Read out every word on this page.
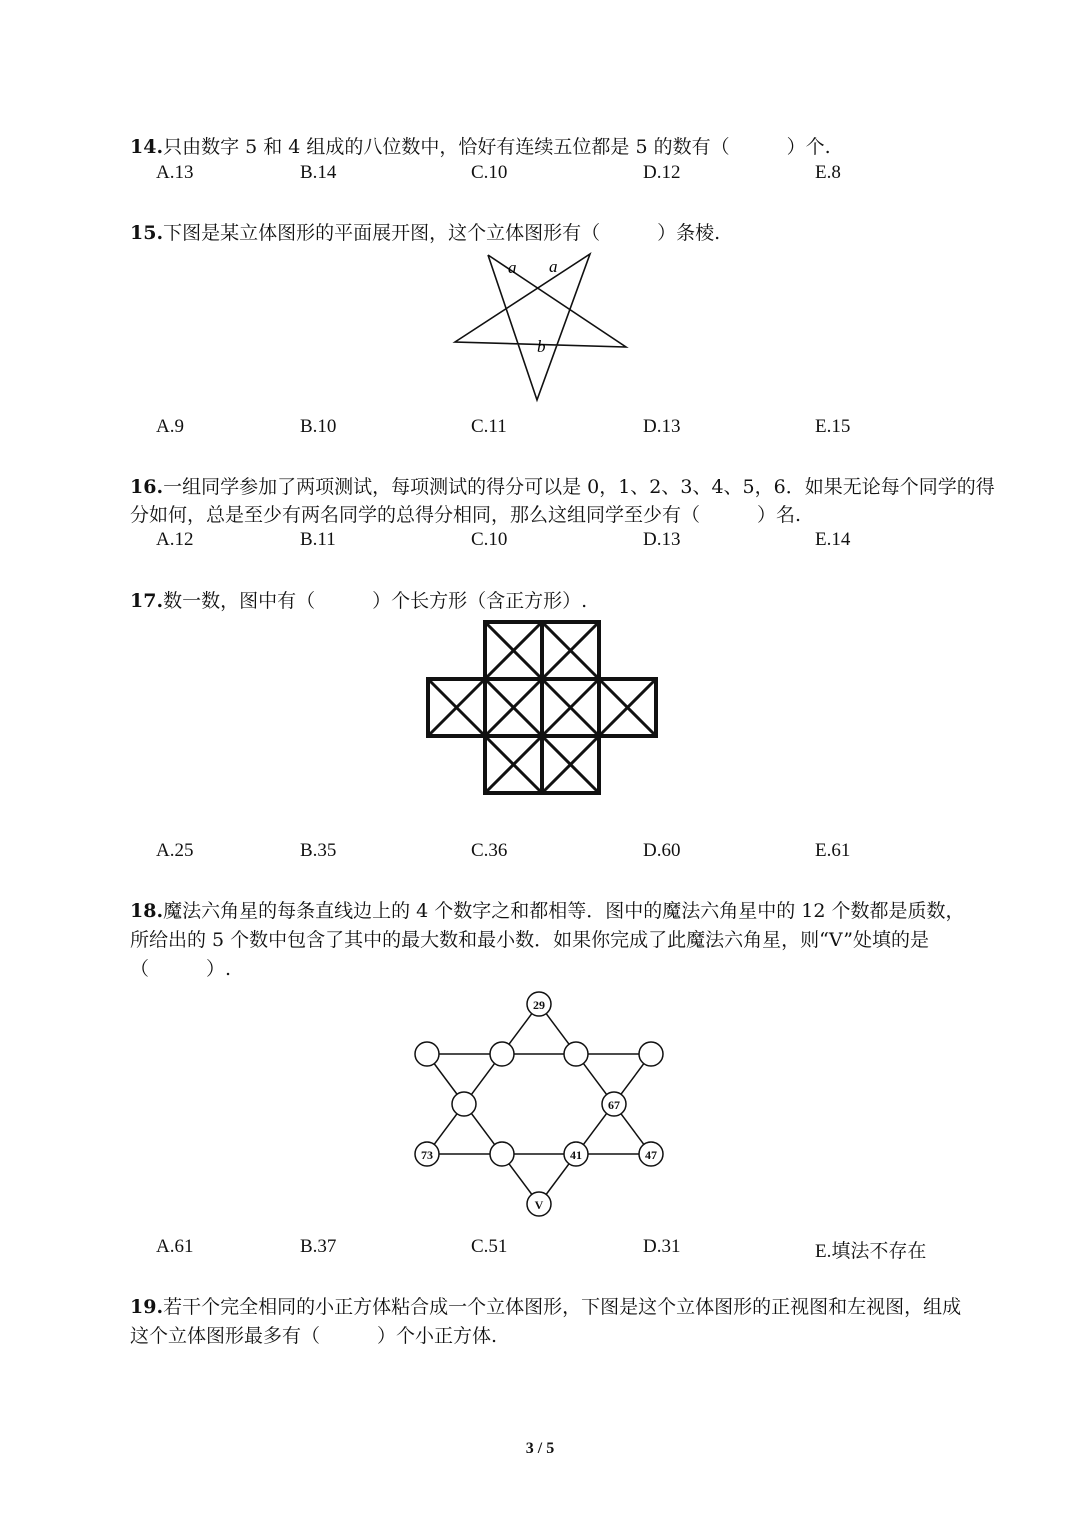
14.只由数字 5 和 4 组成的八位数中，恰好有连续五位都是 5 的数有（　　　）个.
A.13	B.14	C.10	D.12	E.8
15.下图是某立体图形的平面展开图，这个立体图形有（　　　）条棱.
a a
b
A.9	B.10	C.11	D.13	E.15
16.一组同学参加了两项测试，每项测试的得分可以是 0，1、2、3、4、5，6．如果无论每个同学的得
分如何，总是至少有两名同学的总得分相同，那么这组同学至少有（　　　）名.
A.12	B.11	C.10	D.13	E.14
17.数一数，图中有（　　　）个长方形（含正方形）.
A.25	B.35	C.36	D.60	E.61
18.魔法六角星的每条直线边上的 4 个数字之和都相等．图中的魔法六角星中的 12 个数都是质数，
所给出的 5 个数中包含了其中的最大数和最小数．如果你完成了此魔法六角星，则“V”处填的是
（　　　）.
29
67
73	41	47
V
A.61	B.37	C.51	D.31	E.填法不存在
19.若干个完全相同的小正方体粘合成一个立体图形，下图是这个立体图形的正视图和左视图，组成
这个立体图形最多有（　　　）个小正方体.
3 / 5
